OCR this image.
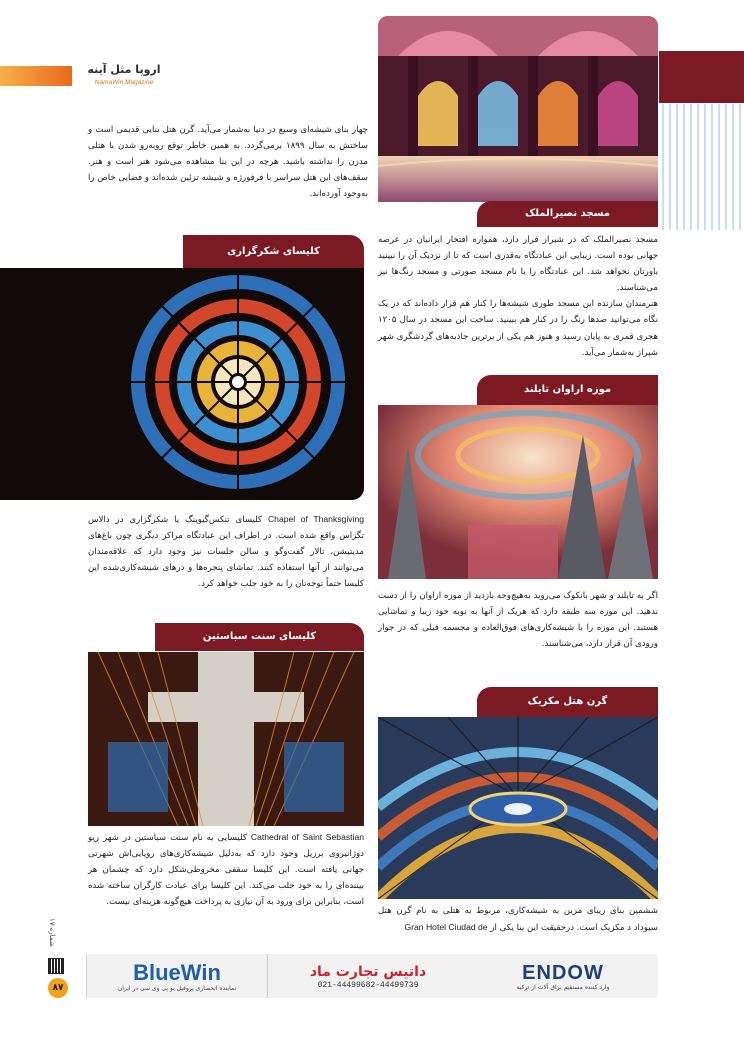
اروپا مثل آینه
NamaWin Magazine
چهار بنای شیشه‌ای وسیع در دنیا به‌شمار می‌آید. گرن هتل بنایی قدیمی است و ساختش به سال ۱۸۹۹ برمی‌گردد. به همین خاطر توقع روبه‌رو شدن با هتلی مدرن را نداشته باشید. هرچه در این بنا مشاهده می‌شود هنر است و هنر. سقف‌های این هتل سراسر با فرفورژه و شیشه تزئین شده‌اند و فضایی خاص را به‌وجود آورده‌اند.
مسجد نصیرالملک

مسجد نصیرالملک که در شیراز قرار دارد، همواره افتخار ایرانیان در عرصه جهانی بوده است. زیبایی این عبادتگاه به‌قدری است که تا از نزدیک آن را نبینید باورتان نخواهد شد. این عبادتگاه را با نام مسجد صورتی و مسجد رنگ‌ها نیز می‌شناسند.

هنرمندان سازنده این مسجد طوری شیشه‌ها را کنار هم قرار داده‌اند که در یک نگاه می‌توانید صدها رنگ را در کنار هم ببینید. ساخت این مسجد در سال ۱۲۰۵ هجری قمری به پایان رسید و هنوز هم یکی از برترین جاذبه‌های گردشگری شهر شیراز به‌شمار می‌آید.

کلیسای شکرگزاری

Chapel of Thanksgiving کلیسای تنکس‌گیوینگ یا شکرگزاری در دالاس تگزاس واقع شده است. در اطراف این عبادتگاه مراکز دیگری چون باغ‌های مدیتیشن، تالار گفت‌وگو و سالن جلسات نیز وجود دارد که علاقه‌مندان می‌توانند از آنها استفاده کنند. تماشای پنجره‌ها و درهای شیشه‌کاری‌شده این کلیسا حتماً توجه‌تان را به خود جلب خواهد کرد.

موزه اراوان تایلند

اگر به تایلند و شهر بانکوک می‌روید به‌هیچ‌وجه بازدید از موزه اراوان را از دست ندهید. این موزه سه طبقه دارد که هریک از آنها به نوبه خود زیبا و تماشایی هستند. این موزه را با شیشه‌کاری‌های فوق‌العاده و مجسمه فیلی که در جوار ورودی آن قرار دارد، می‌شناسند.

کلیسای سنت سباستین

Cathedral of Saint Sebastian کلیسایی به نام سنت سباستین در شهر ریو دوژانیروی برزیل وجود دارد که به‌دلیل شیشه‌کاری‌های رویایی‌اش شهرتی جهانی یافته است. این کلیسا سقفی مخروطی‌شکل دارد که چشمان هر بیننده‌ای را به خود جلب می‌کند. این کلیسا برای عبادت کارگران ساخته شده است، بنابراین برای ورود به آن نیازی به پرداخت هیچ‌گونه هزینه‌ای نیست.

گرن هتل مکزیک

ششمین بنای زیبای مزین به شیشه‌کاری، مربوط به هتلی به نام گرن هتل سیوداد د مکزیک است. درحقیقت این بنا یکی از Gran Hotel Ciudad de

شماره ۱۷
۸۷
BlueWin
نماینده انحصاری پروفیل یو پی وی سی در ایران
داتیس تجارت ماد
021-44499682-44499739
ENDOW
وارد کننده مستقیم یراق آلات از ترکیه
